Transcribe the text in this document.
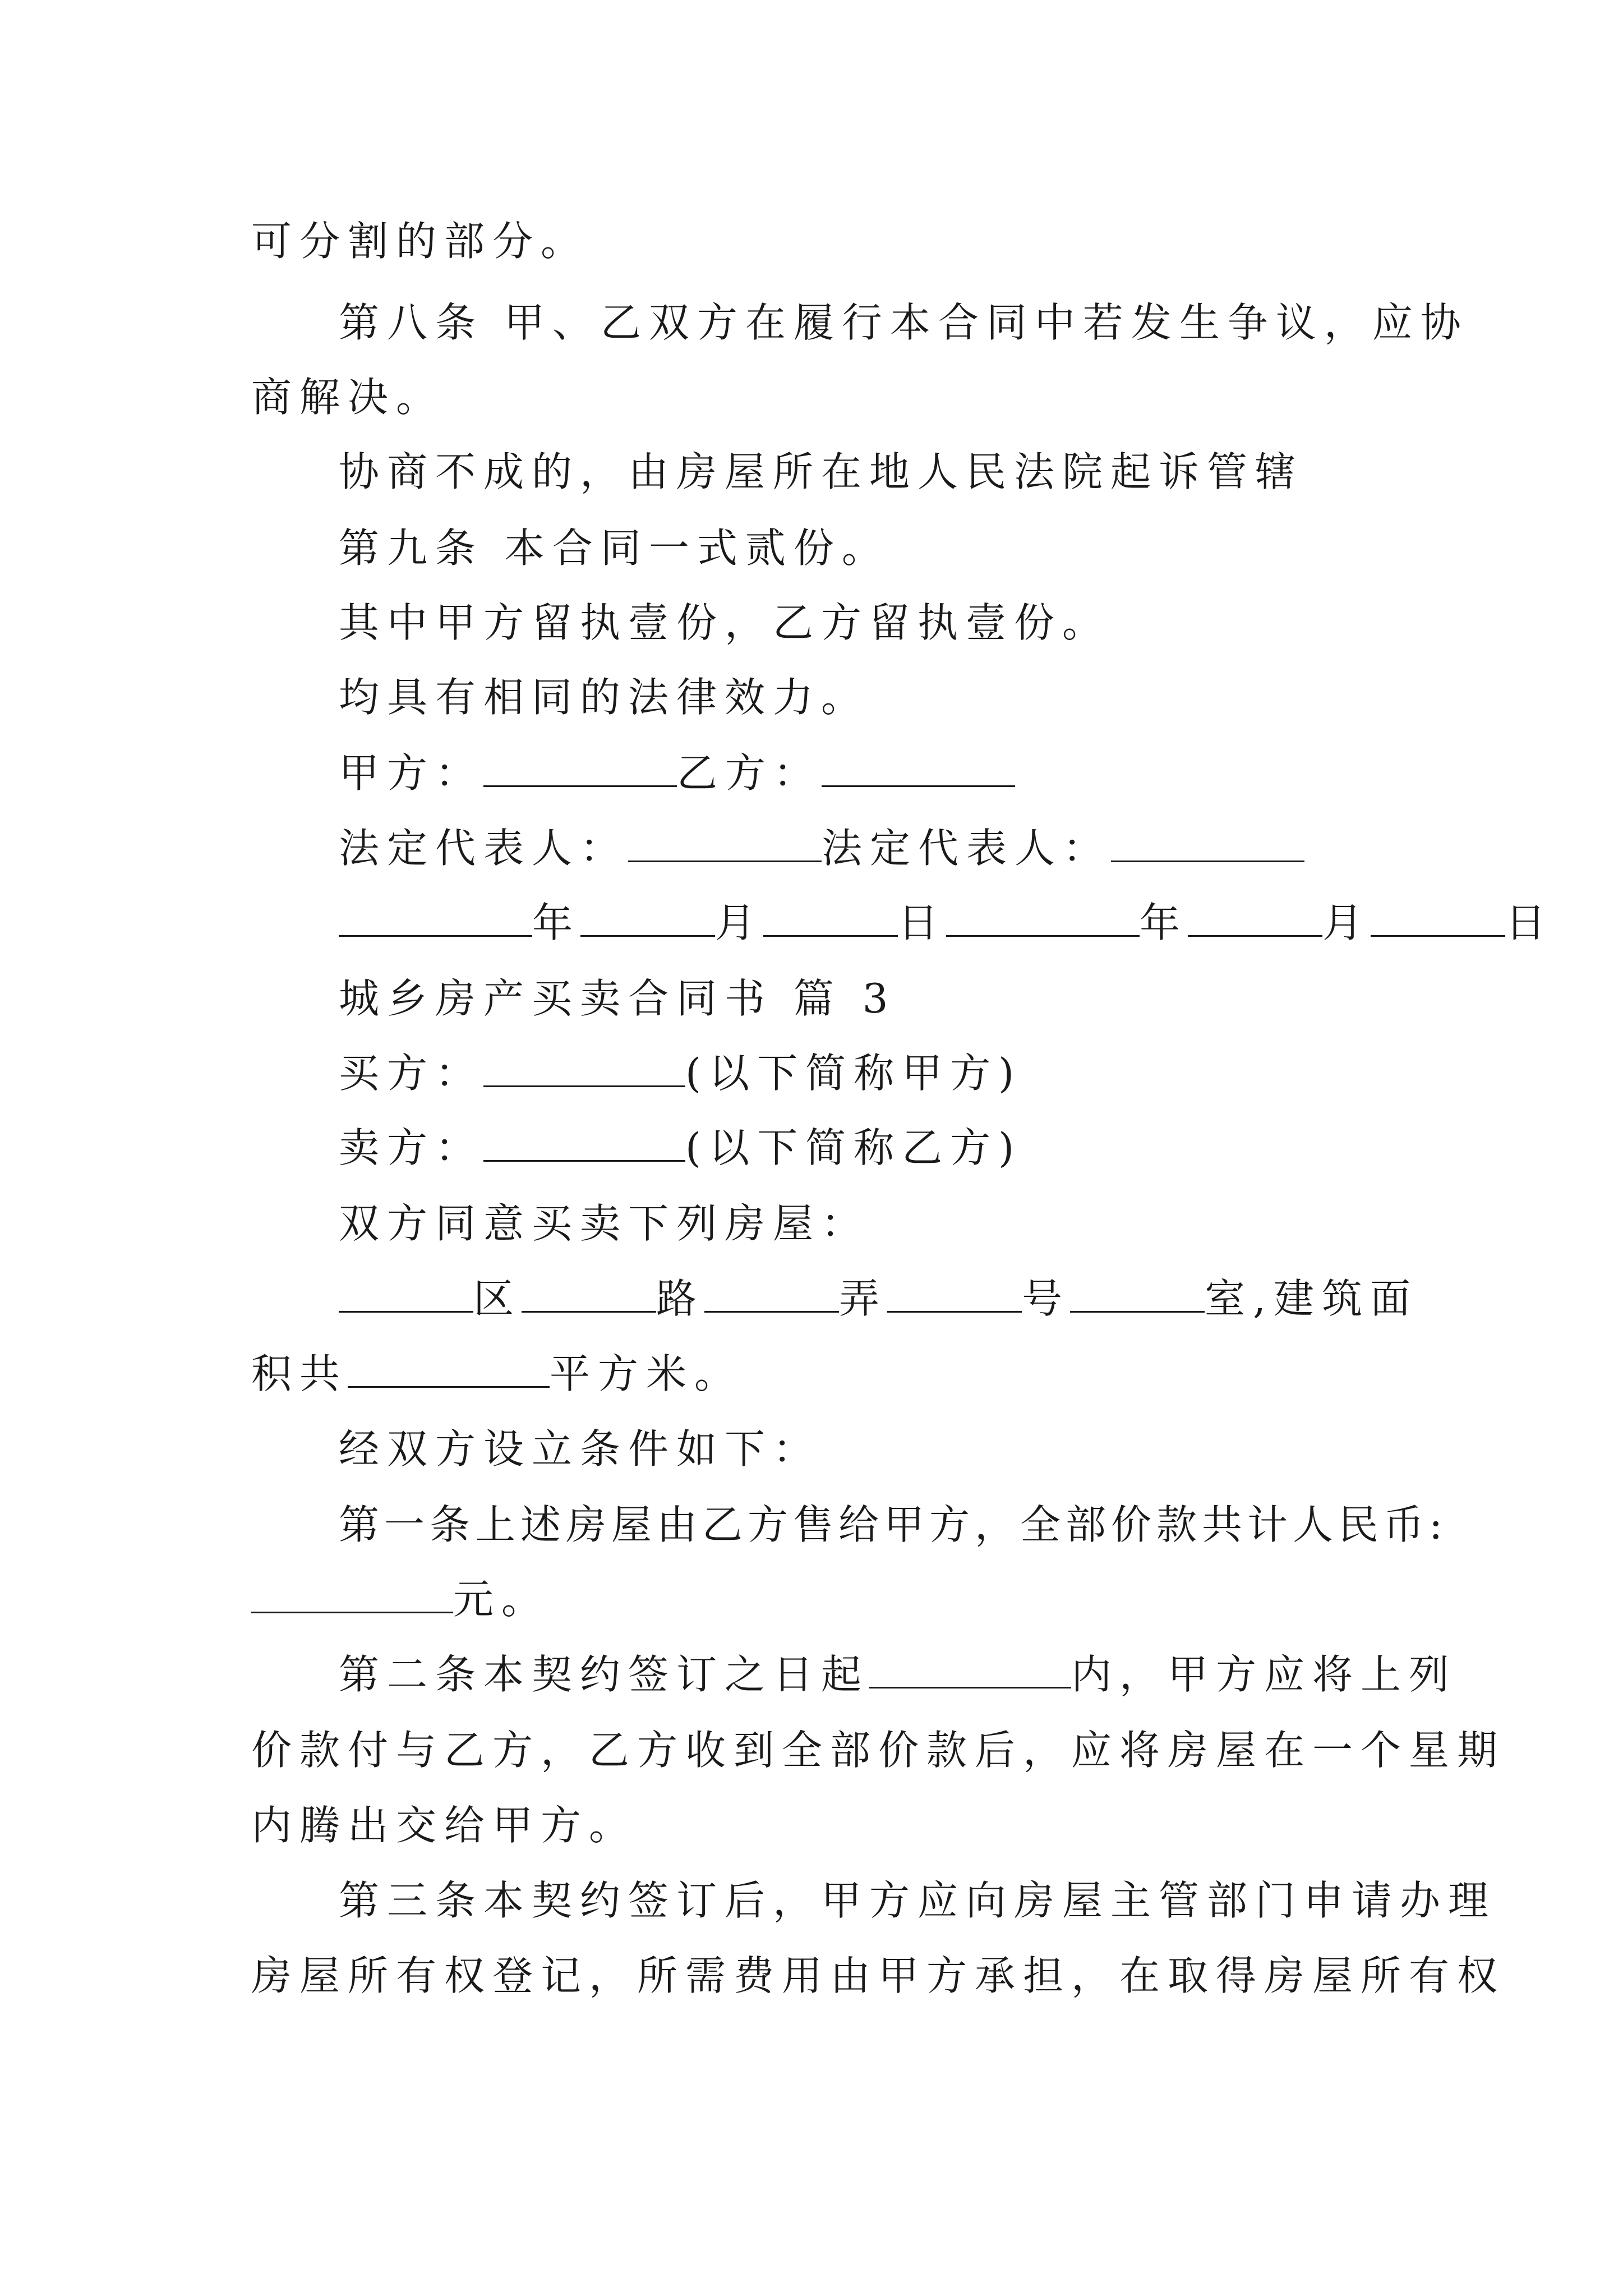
可分割的部分。
第八条 甲、乙双方在履行本合同中若发生争议，应协
商解决。
协商不成的，由房屋所在地人民法院起诉管辖
第九条 本合同一式贰份。
其中甲方留执壹份，乙方留执壹份。
均具有相同的法律效力。
甲方：	乙方：
法定代表人：	法定代表人：
年	月	日	年	月	日
城乡房产买卖合同书 篇 3
买方：	(以下简称甲方)
卖方：	(以下简称乙方)
双方同意买卖下列房屋：
区	路	弄	号	室,建筑面
积共	平方米。
经双方设立条件如下：
第一条上述房屋由乙方售给甲方，全部价款共计人民币:
元。
第二条本契约签订之日起	内，甲方应将上列
价款付与乙方，乙方收到全部价款后，应将房屋在一个星期
内腾出交给甲方。
第三条本契约签订后，甲方应向房屋主管部门申请办理
房屋所有权登记，所需费用由甲方承担，在取得房屋所有权
